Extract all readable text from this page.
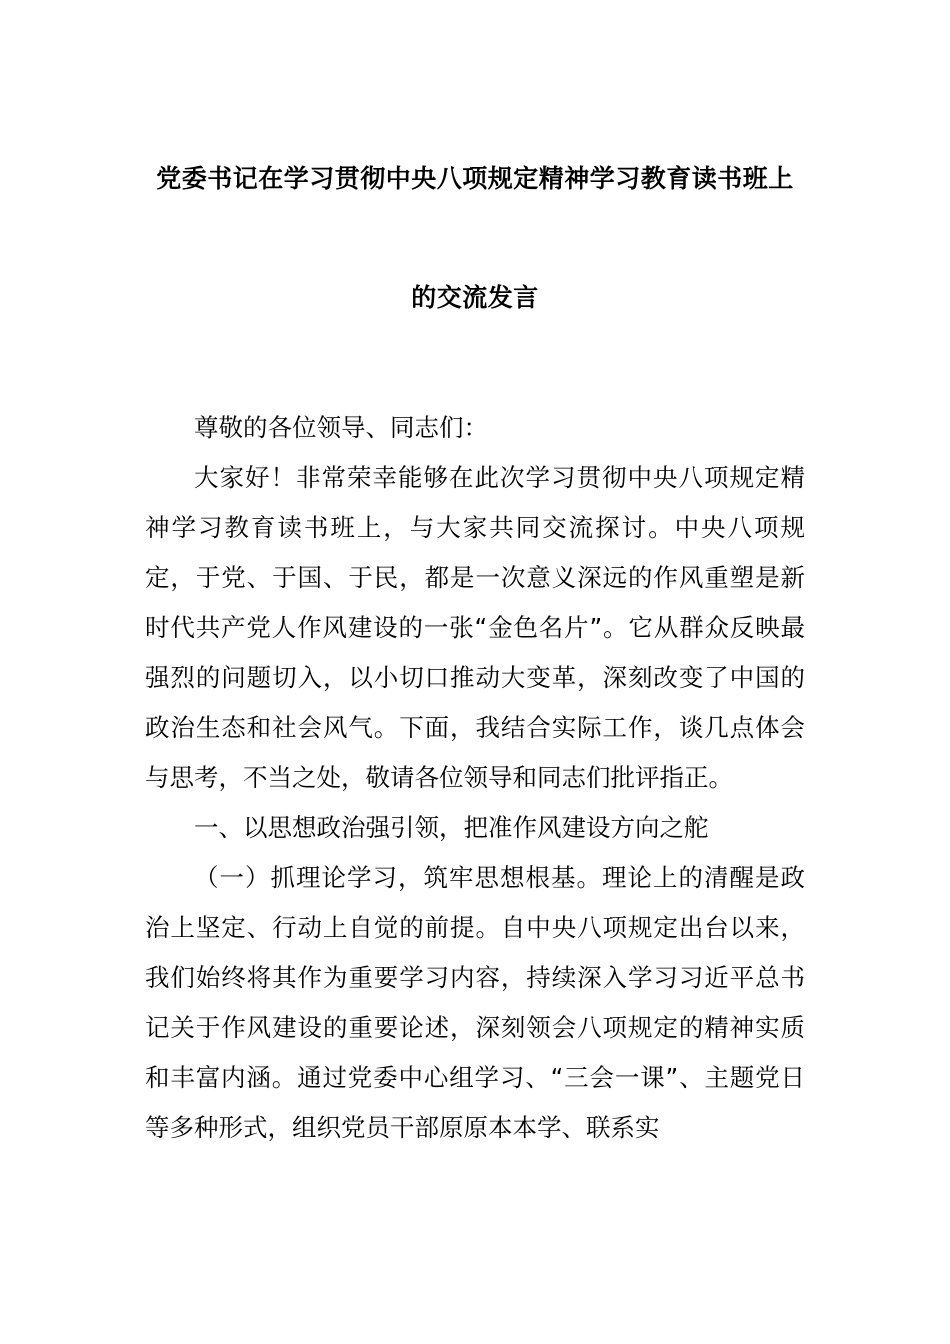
党委书记在学习贯彻中央八项规定精神学习教育读书班上
的交流发言

尊敬的各位领导、同志们：

大家好！非常荣幸能够在此次学习贯彻中央八项规定精神学习教育读书班上，与大家共同交流探讨。中央八项规定，于党、于国、于民，都是一次意义深远的作风重塑是新时代共产党人作风建设的一张“金色名片”。它从群众反映最强烈的问题切入，以小切口推动大变革，深刻改变了中国的政治生态和社会风气。下面，我结合实际工作，谈几点体会与思考，不当之处，敬请各位领导和同志们批评指正。

一、以思想政治强引领，把准作风建设方向之舵

（一）抓理论学习，筑牢思想根基。理论上的清醒是政治上坚定、行动上自觉的前提。自中央八项规定出台以来，我们始终将其作为重要学习内容，持续深入学习习近平总书记关于作风建设的重要论述，深刻领会八项规定的精神实质和丰富内涵。通过党委中心组学习、“三会一课”、主题党日等多种形式，组织党员干部原原本本学、联系实
